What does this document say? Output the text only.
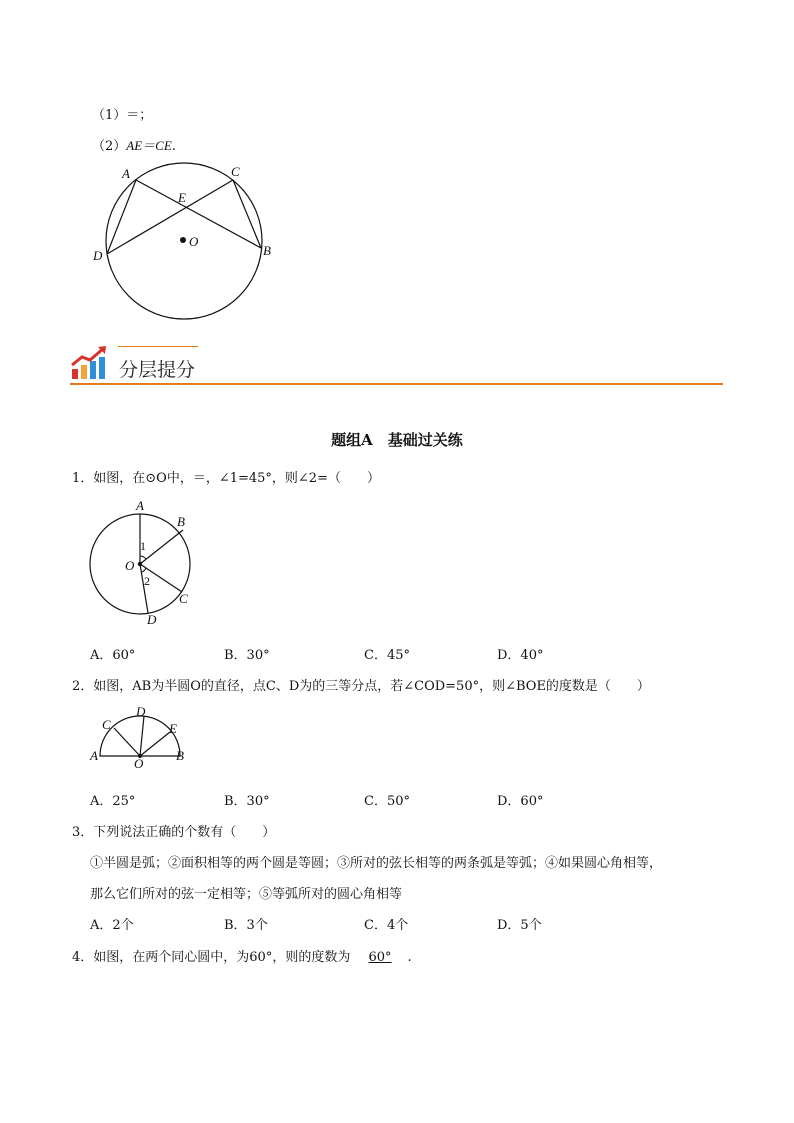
（1）＝；
（2）AE＝CE.
A	C
E
O
D	B
分层提分
题组A　基础过关练
1．如图，在⊙O中，＝，∠1=45°，则∠2=（　　）
A
B
1
O
2
C
D
A．60°	B．30°	C．45°	D．40°
2．如图，AB为半圆O的直径，点C、D为的三等分点，若∠COD=50°，则∠BOE的度数是（　　）
D
C	E
A	B
O
A．25°	B．30°	C．50°	D．60°
3．下列说法正确的个数有（　　）
①半圆是弧；②面积相等的两个圆是等圆；③所对的弦长相等的两条弧是等弧；④如果圆心角相等，
那么它们所对的弦一定相等；⑤等弧所对的圆心角相等
A．2个	B．3个	C．4个	D．5个
4．如图，在两个同心圆中，为60°，则的度数为 60° .
